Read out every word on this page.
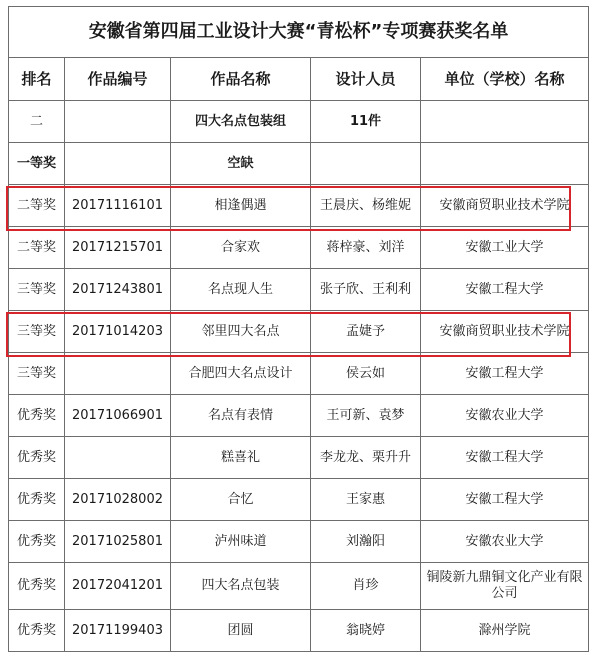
安徽省第四届工业设计大赛“青松杯”专项赛获奖名单				
排名	作品编号	作品名称	设计人员	单位（学校）名称
二		四大名点包装组	11件	
一等奖		空缺		
二等奖	20171116101	相逢偶遇	王晨庆、杨维妮	安徽商贸职业技术学院
二等奖	20171215701	合家欢	蒋梓豪、刘洋	安徽工业大学
三等奖	20171243801	名点现人生	张子欣、王利利	安徽工程大学
三等奖	20171014203	邻里四大名点	孟婕予	安徽商贸职业技术学院
三等奖		合肥四大名点设计	侯云如	安徽工程大学
优秀奖	20171066901	名点有表情	王可新、袁梦	安徽农业大学
优秀奖		糕喜礼	李龙龙、栗升升	安徽工程大学
优秀奖	20171028002	合忆	王家惠	安徽工程大学
优秀奖	20171025801	泸州味道	刘瀚阳	安徽农业大学
优秀奖	20172041201	四大名点包装	肖珍	铜陵新九鼎铜文化产业有限公司
优秀奖	20171199403	团圆	翁晓婷	滁州学院
